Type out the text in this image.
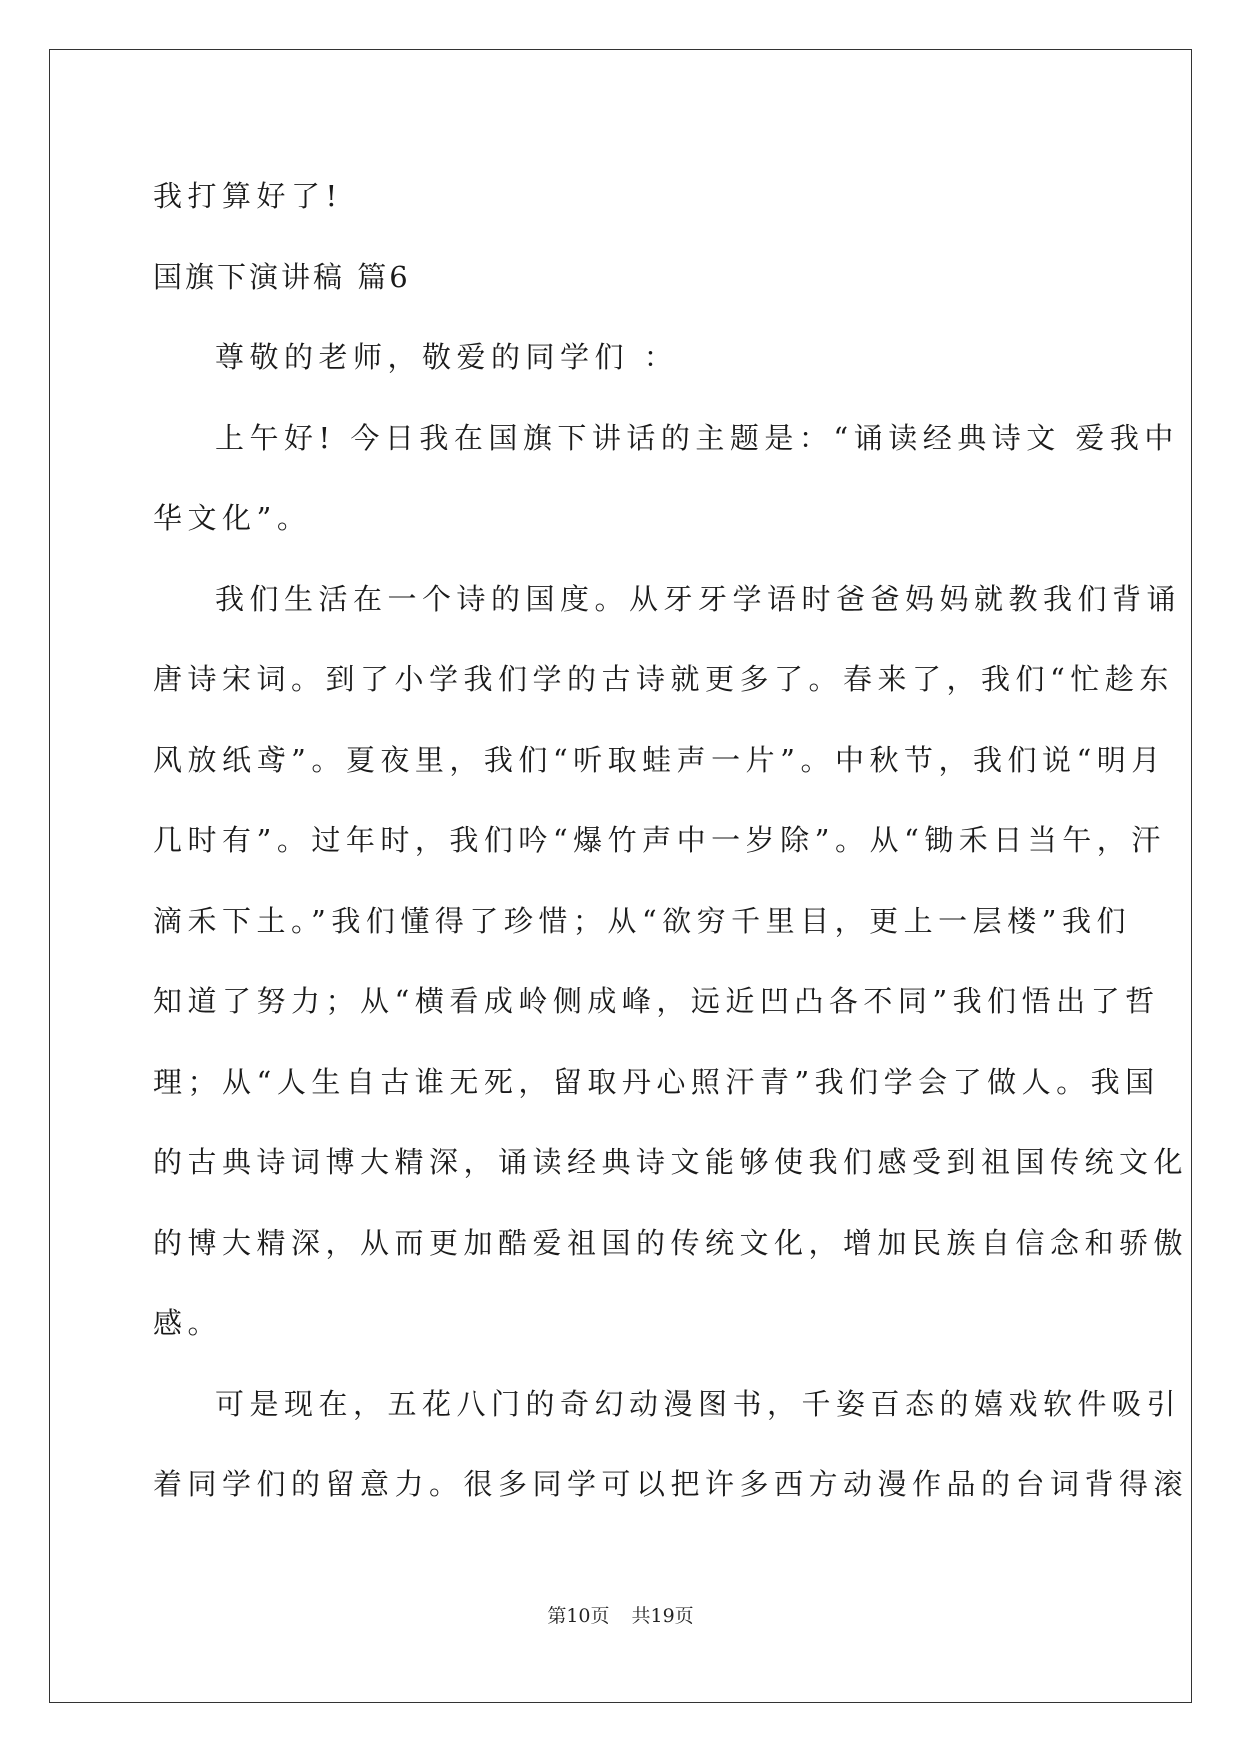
我打算好了!
国旗下演讲稿 篇6
尊敬的老师，敬爱的同学们 ：
上午好! 今日我在国旗下讲话的主题是：“诵读经典诗文 爱我中
华文化”。
我们生活在一个诗的国度。从牙牙学语时爸爸妈妈就教我们背诵
唐诗宋词。到了小学我们学的古诗就更多了。春来了，我们“忙趁东
风放纸鸢”。夏夜里，我们“听取蛙声一片”。中秋节，我们说“明月
几时有”。过年时，我们吟“爆竹声中一岁除”。从“锄禾日当午，汗
滴禾下土。”我们懂得了珍惜；从“欲穷千里目，更上一层楼”我们
知道了努力；从“横看成岭侧成峰，远近凹凸各不同”我们悟出了哲
理；从“人生自古谁无死，留取丹心照汗青”我们学会了做人。我国
的古典诗词博大精深，诵读经典诗文能够使我们感受到祖国传统文化
的博大精深，从而更加酷爱祖国的传统文化，增加民族自信念和骄傲
感。
可是现在，五花八门的奇幻动漫图书，千姿百态的嬉戏软件吸引
着同学们的留意力。很多同学可以把许多西方动漫作品的台词背得滚
第10页 共19页
